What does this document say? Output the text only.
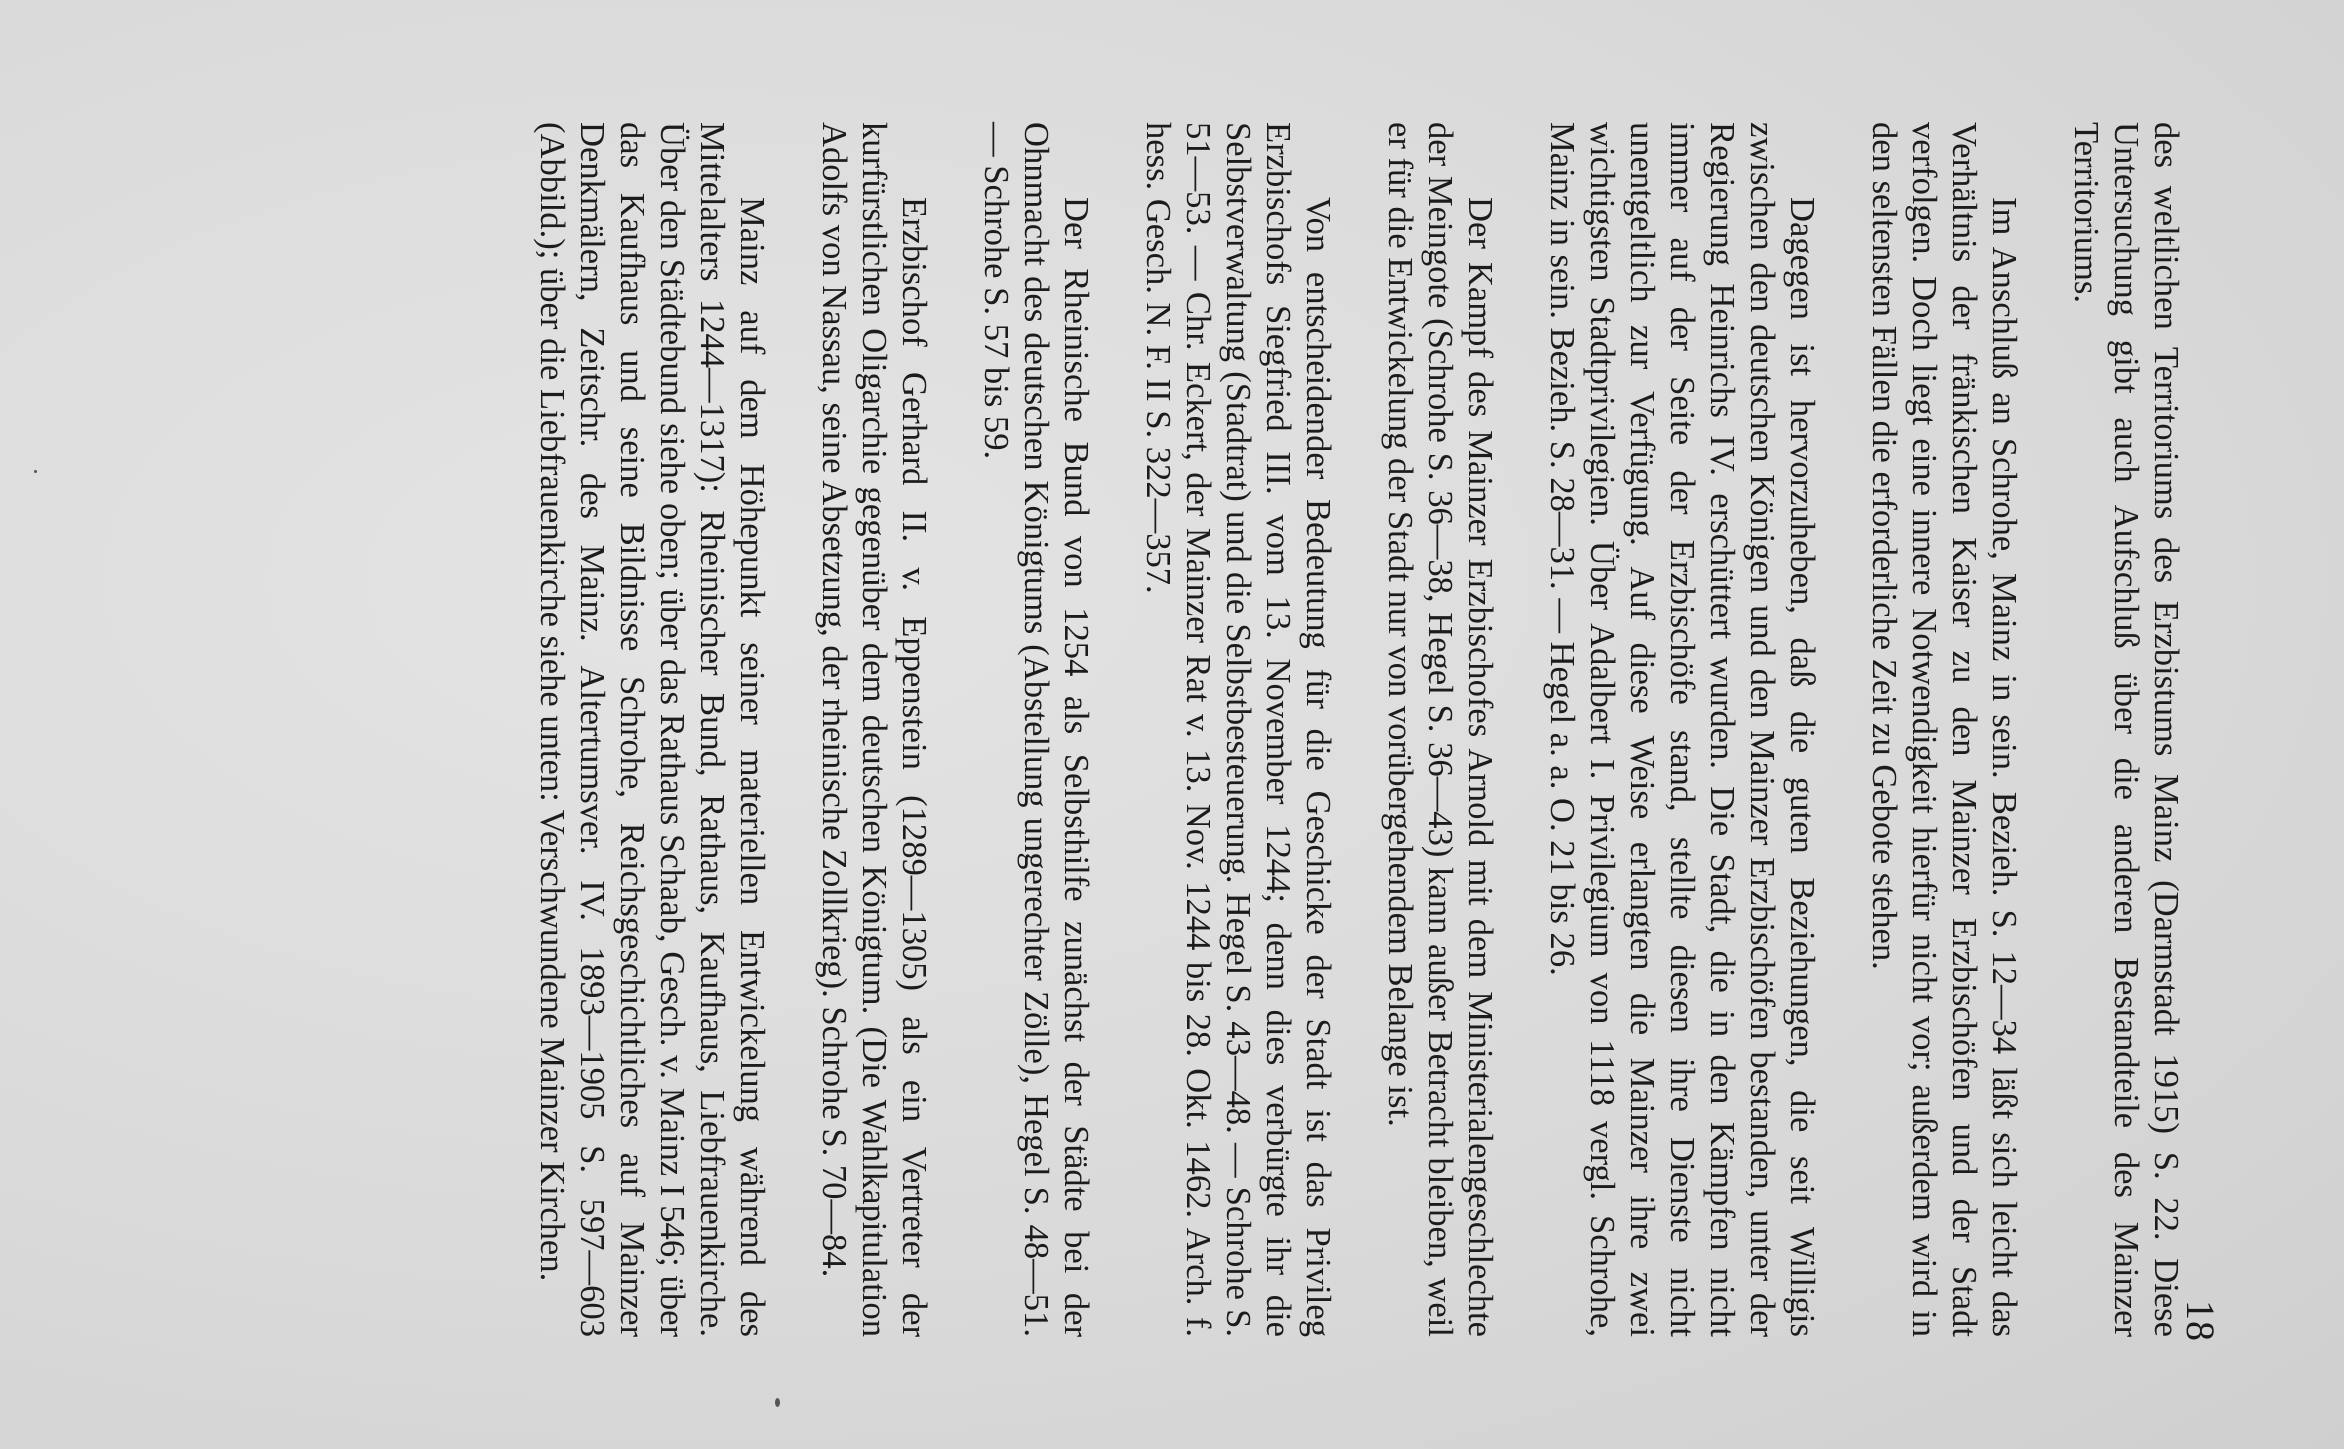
18

des weltlichen Territoriums des Erzbistums Mainz (Darmstadt 1915) S. 22. Diese Untersuchung gibt auch Aufschluß über die anderen Bestandteile des Mainzer Territoriums.

Im Anschluß an Schrohe, Mainz in sein. Bezieh. S. 12—34 läßt sich leicht das Verhältnis der fränkischen Kaiser zu den Mainzer Erzbischöfen und der Stadt verfolgen. Doch liegt eine innere Notwendigkeit hierfür nicht vor; außerdem wird in den seltensten Fällen die erforderliche Zeit zu Gebote stehen.

Dagegen ist hervorzuheben, daß die guten Beziehungen, die seit Willigis zwischen den deutschen Königen und den Mainzer Erzbischöfen bestanden, unter der Regierung Heinrichs IV. erschüttert wurden. Die Stadt, die in den Kämpfen nicht immer auf der Seite der Erzbischöfe stand, stellte diesen ihre Dienste nicht unentgeltlich zur Verfügung. Auf diese Weise erlangten die Mainzer ihre zwei wichtigsten Stadtprivilegien. Über Adalbert I. Privilegium von 1118 vergl. Schrohe, Mainz in sein. Bezieh. S. 28—31. — Hegel a. a. O. 21 bis 26.

Der Kampf des Mainzer Erzbischofes Arnold mit dem Ministerialengeschlechte der Meingote (Schrohe S. 36—38, Hegel S. 36—43) kann außer Betracht bleiben, weil er für die Entwickelung der Stadt nur von vorübergehendem Belange ist.

Von entscheidender Bedeutung für die Geschicke der Stadt ist das Privileg Erzbischofs Siegfried III. vom 13. November 1244; denn dies verbürgte ihr die Selbstverwaltung (Stadtrat) und die Selbstbesteuerung. Hegel S. 43—48. — Schrohe S. 51—53. — Chr. Eckert, der Mainzer Rat v. 13. Nov. 1244 bis 28. Okt. 1462. Arch. f. hess. Gesch. N. F. II S. 322—357.

Der Rheinische Bund von 1254 als Selbsthilfe zunächst der Städte bei der Ohnmacht des deutschen Königtums (Abstellung ungerechter Zölle), Hegel S. 48—51. — Schrohe S. 57 bis 59.

Erzbischof Gerhard II. v. Eppenstein (1289—1305) als ein Vertreter der kurfürstlichen Oligarchie gegenüber dem deutschen Königtum. (Die Wahlkapitulation Adolfs von Nassau, seine Absetzung, der rheinische Zollkrieg). Schrohe S. 70—84.

Mainz auf dem Höhepunkt seiner materiellen Entwickelung während des Mittelalters 1244—1317): Rheinischer Bund, Rathaus, Kaufhaus, Liebfrauenkirche. Über den Städtebund siehe oben; über das Rathaus Schaab, Gesch. v. Mainz I 546; über das Kaufhaus und seine Bildnisse Schrohe, Reichsgeschichtliches auf Mainzer Denkmälern, Zeitschr. des Mainz. Altertumsver. IV. 1893—1905 S. 597—603 (Abbild.); über die Liebfrauenkirche siehe unten: Verschwundene Mainzer Kirchen.
